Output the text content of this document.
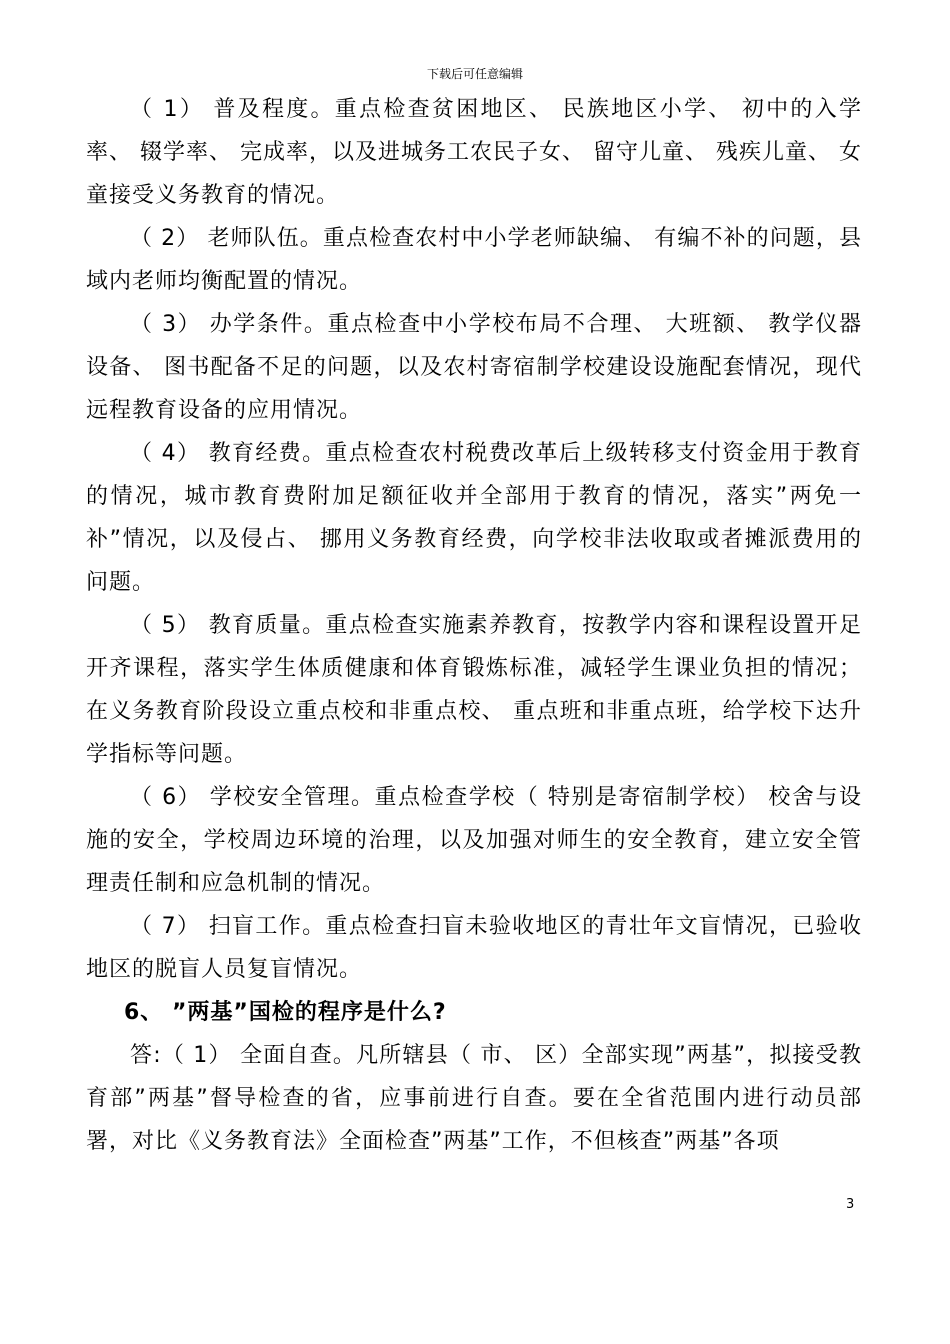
下载后可任意编辑

（ 1） 普及程度。重点检查贫困地区、 民族地区小学、 初中的入学率、 辍学率、 完成率，以及进城务工农民子女、 留守儿童、 残疾儿童、 女童接受义务教育的情况。

（ 2） 老师队伍。重点检查农村中小学老师缺编、 有编不补的问题，县域内老师均衡配置的情况。

（ 3） 办学条件。重点检查中小学校布局不合理、 大班额、 教学仪器设备、 图书配备不足的问题，以及农村寄宿制学校建设设施配套情况，现代远程教育设备的应用情况。

（ 4） 教育经费。重点检查农村税费改革后上级转移支付资金用于教育的情况，城市教育费附加足额征收并全部用于教育的情况，落实”两免一补”情况，以及侵占、 挪用义务教育经费，向学校非法收取或者摊派费用的问题。

（ 5） 教育质量。重点检查实施素养教育，按教学内容和课程设置开足开齐课程，落实学生体质健康和体育锻炼标准，减轻学生课业负担的情况；在义务教育阶段设立重点校和非重点校、 重点班和非重点班，给学校下达升学指标等问题。

（ 6） 学校安全管理。重点检查学校（ 特别是寄宿制学校） 校舍与设施的安全，学校周边环境的治理，以及加强对师生的安全教育，建立安全管理责任制和应急机制的情况。

（ 7） 扫盲工作。重点检查扫盲未验收地区的青壮年文盲情况，已验收地区的脱盲人员复盲情况。

6、 ”两基”国检的程序是什么?

答:（ 1） 全面自查。凡所辖县（ 市、 区）全部实现”两基”，拟接受教育部”两基”督导检查的省，应事前进行自查。要在全省范围内进行动员部署，对比《义务教育法》全面检查”两基”工作，不但核查”两基”各项

3
